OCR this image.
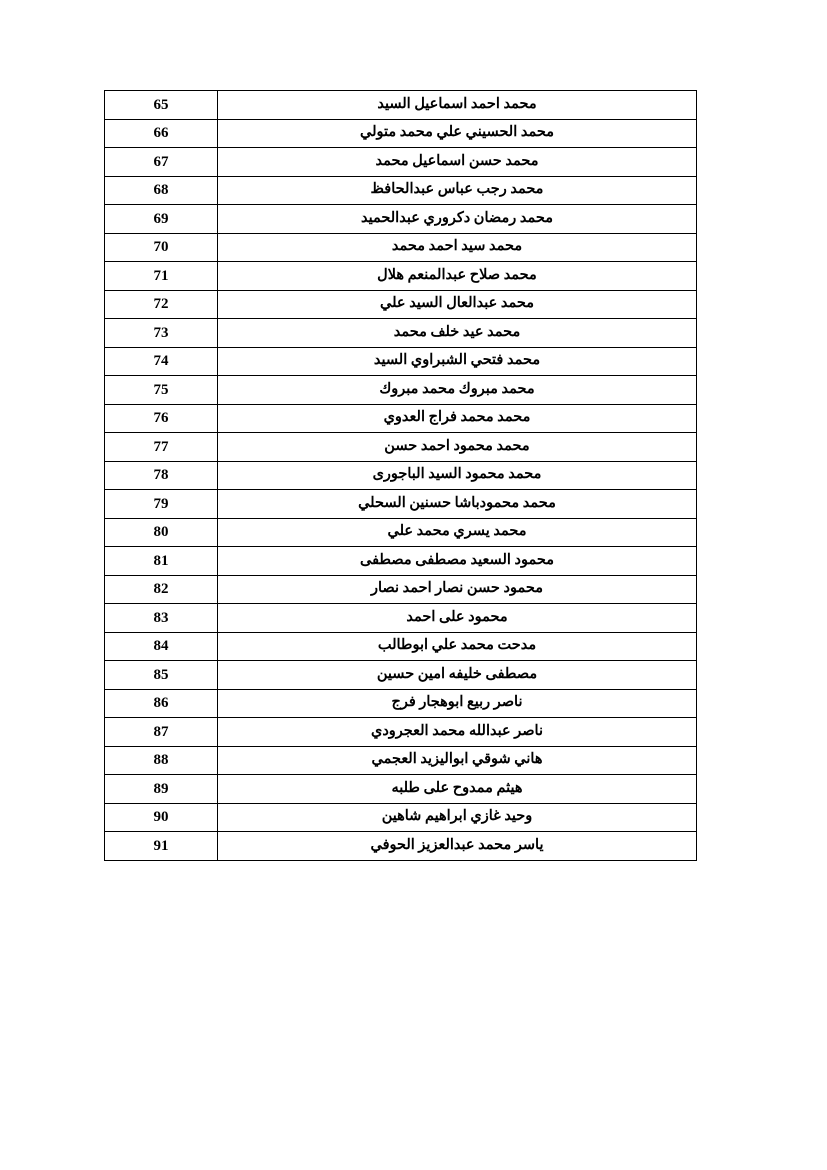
محمد احمد اسماعيل السيد	65
محمد الحسيني علي محمد متولي	66
محمد حسن اسماعيل محمد	67
محمد رجب عباس عبدالحافظ	68
محمد رمضان دكروري عبدالحميد	69
محمد سيد احمد محمد	70
محمد صلاح عبدالمنعم هلال	71
محمد عبدالعال السيد علي	72
محمد عيد خلف محمد	73
محمد فتحي الشبراوي السيد	74
محمد مبروك محمد مبروك	75
محمد محمد فراج العدوي	76
محمد محمود احمد حسن	77
محمد محمود السيد الباجورى	78
محمد محمودباشا حسنين السحلي	79
محمد يسري محمد علي	80
محمود السعيد مصطفى مصطفى	81
محمود حسن نصار احمد نصار	82
محمود على احمد	83
مدحت محمد علي ابوطالب	84
مصطفى خليفه امين حسين	85
ناصر ربيع ابوهجار فرج	86
ناصر عبدالله محمد العجرودي	87
هاني شوقي ابواليزيد العجمي	88
هيثم ممدوح على طلبه	89
وحيد غازي ابراهيم شاهين	90
ياسر محمد عبدالعزيز الحوفي	91
